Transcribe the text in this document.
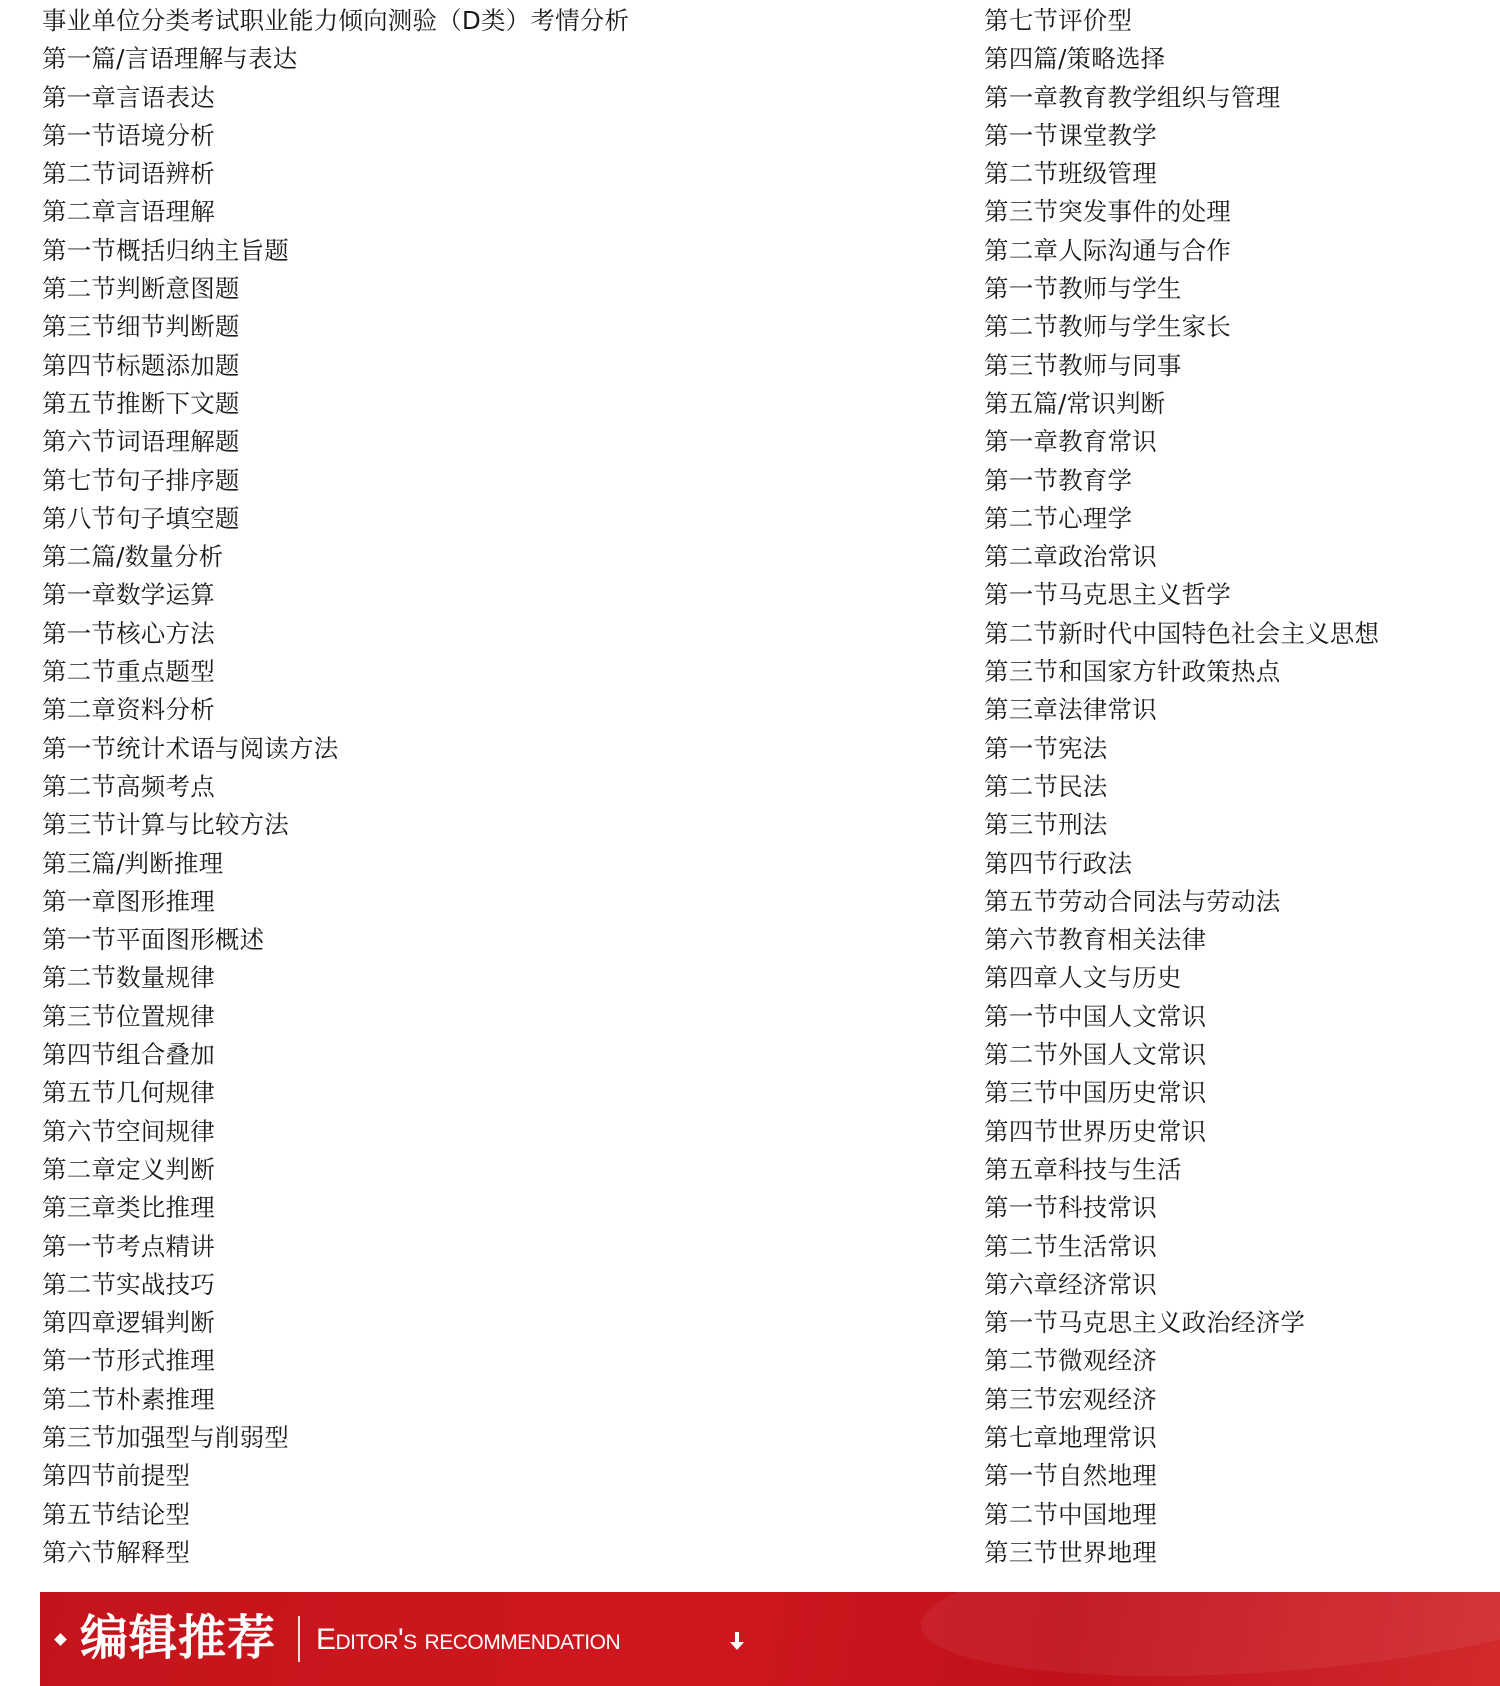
事业单位分类考试职业能力倾向测验（D类）考情分析
第一篇/言语理解与表达
第一章言语表达
第一节语境分析
第二节词语辨析
第二章言语理解
第一节概括归纳主旨题
第二节判断意图题
第三节细节判断题
第四节标题添加题
第五节推断下文题
第六节词语理解题
第七节句子排序题
第八节句子填空题
第二篇/数量分析
第一章数学运算
第一节核心方法
第二节重点题型
第二章资料分析
第一节统计术语与阅读方法
第二节高频考点
第三节计算与比较方法
第三篇/判断推理
第一章图形推理
第一节平面图形概述
第二节数量规律
第三节位置规律
第四节组合叠加
第五节几何规律
第六节空间规律
第二章定义判断
第三章类比推理
第一节考点精讲
第二节实战技巧
第四章逻辑判断
第一节形式推理
第二节朴素推理
第三节加强型与削弱型
第四节前提型
第五节结论型
第六节解释型
第七节评价型
第四篇/策略选择
第一章教育教学组织与管理
第一节课堂教学
第二节班级管理
第三节突发事件的处理
第二章人际沟通与合作
第一节教师与学生
第二节教师与学生家长
第三节教师与同事
第五篇/常识判断
第一章教育常识
第一节教育学
第二节心理学
第二章政治常识
第一节马克思主义哲学
第二节新时代中国特色社会主义思想
第三节和国家方针政策热点
第三章法律常识
第一节宪法
第二节民法
第三节刑法
第四节行政法
第五节劳动合同法与劳动法
第六节教育相关法律
第四章人文与历史
第一节中国人文常识
第二节外国人文常识
第三节中国历史常识
第四节世界历史常识
第五章科技与生活
第一节科技常识
第二节生活常识
第六章经济常识
第一节马克思主义政治经济学
第二节微观经济
第三节宏观经济
第七章地理常识
第一节自然地理
第二节中国地理
第三节世界地理
编辑推荐 Editor's recommendation
